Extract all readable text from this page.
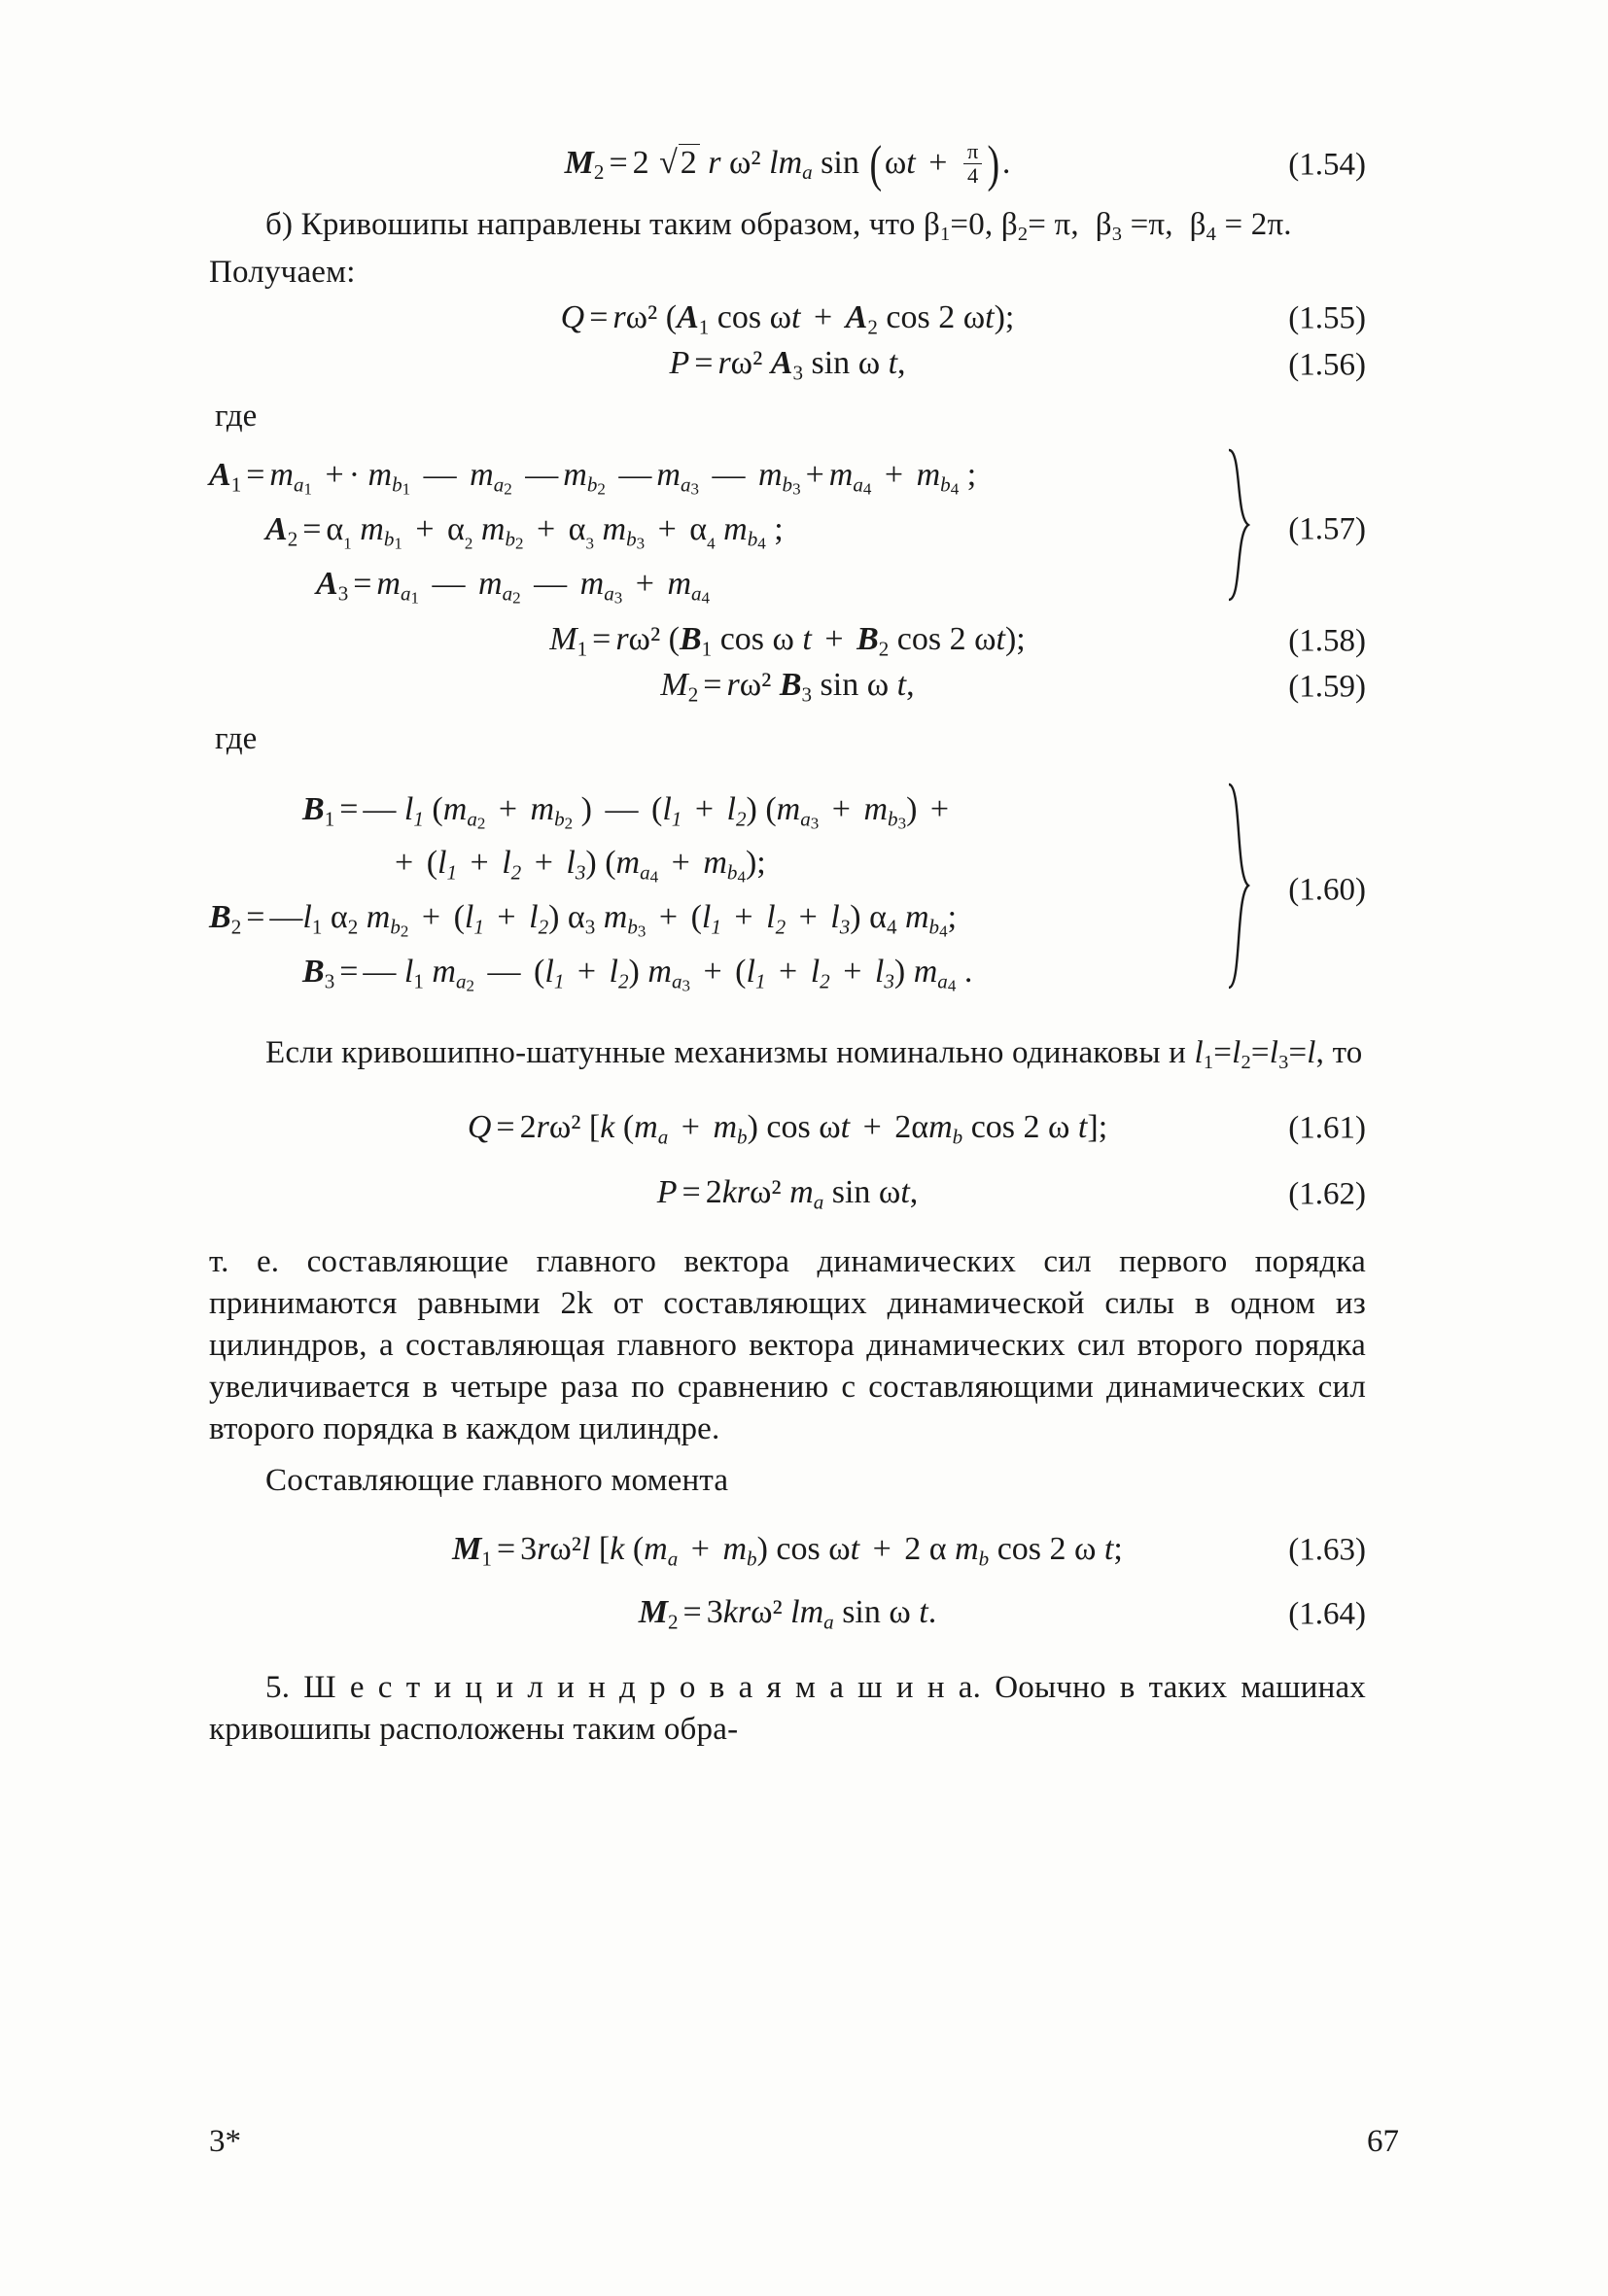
$M_2 = 2$ √2 r ω² $lm_a$ $\sin (\omega t + \frac{\pi}{4}$ ).	(1.54)

б) Кривошипы направлены таким образом, что $\beta_1=0$, $\beta_2= \pi$,  $\beta_3 =\pi$,  $\beta_4 = 2\pi$.

Получаем:

Q = rω² ($A_1$ $\cos \omega t + A_2$ cos 2 ωt);	(1.55)
P = rω² $A_3$ sin ω t,	(1.56)

где

$A_1 = m_{a1}$ + · $m_{b1}$ — $m_{a2}$ — $m_{b2}$ — $m_{a3}$ — $m_{b3} + m_{a4} + m_{b4}$ ;
$A_2 = \alpha_1$ $m_{b1} + \alpha_2$ $m_{b2} + \alpha_3$ $m_{b3} + \alpha_4$ $m_{b4}$ ;
$A_3 = m_{a1}$ — $m_{a2}$ — $m_{a3} + m_{a4}$
(1.57)
$M_1 = r\omega^2$ ($B_1$ cos ω $t + B_2$ cos 2 ωt);	(1.58)
$M_2 = r\omega^2$ $B_3$ sin ω t,	(1.59)

где

$B_1$ = — $l_1$ ($m_{a2} + m_{b2}$ ) — $(l_1 + l_2) (m_{a3} + m_{b3})$ +
+ $(l_1 + l_2 + l_3) (m_{a4} + m_{b4})$;
$B_2$ = $—l_1$ $\alpha_2$ $m_{b2} + (l_1 + l_2)$ $\alpha_3$ $m_{b3} + (l_1 + l_2 + l_3)$ $\alpha_4$ $m_{b4}$;
$B_3$ = — $l_1$ $m_{a2}$ — $(l_1 + l_2) m_{a3} + (l_1 + l_2 + l_3)$ $m_{a4}$ .
(1.60)

Если кривошипно-шатунные механизмы номинально одинаковы и $l_1=l_2=l_3=l$, то

Q = 2rω² [k $(m_a + m_b)$ $\cos \omega t + 2\alpha m_b$ cos 2 ω t];	(1.61)
P = 2krω² $m_a$ sin ωt,	(1.62)

т. е. составляющие главного вектора динамических сил первого порядка принимаются равными 2k от составляющих динамической силы в одном из цилиндров, а составляющая главного вектора динамических сил второго порядка увеличивается в четыре раза по сравнению с составляющими динамических сил второго порядка в каждом цилиндре.

Составляющие главного момента

$M_1 = 3r\omega^2l$ [k $(m_a + m_b)$ cos ωt + 2 α $m_b$ cos 2 ω t;	(1.63)
$M_2 = 3kr\omega^2$ $lm_a$ sin ω t.	(1.64)

5. Ш е с т и ц и л и н д р о в а я м а ш и н а. Ооычно в таких машинах кривошипы расположены таким обра-

3*	67
